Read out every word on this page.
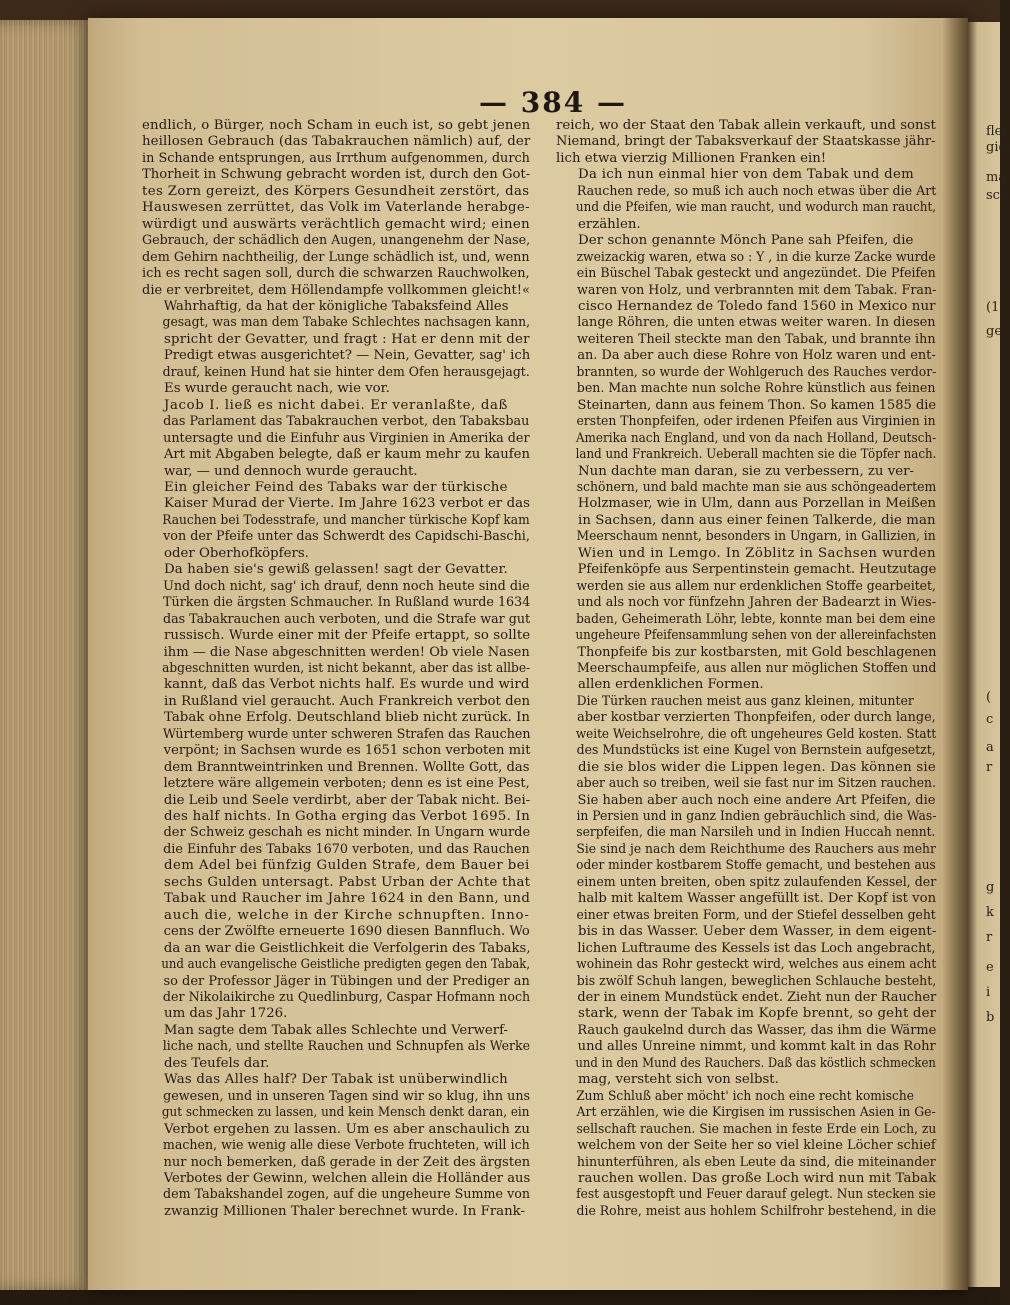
flei
giel
ma
sch
(1
ge
(
c
a
r
g
k
r
e
i
b
— 384 —

endlich, o Bürger, noch Scham in euch ist, so gebt jenen
heillosen Gebrauch (das Tabakrauchen nämlich) auf, der
in Schande entsprungen, aus Irrthum aufgenommen, durch
Thorheit in Schwung gebracht worden ist, durch den Got-
tes Zorn gereizt, des Körpers Gesundheit zerstört, das
Hauswesen zerrüttet, das Volk im Vaterlande herabge-
würdigt und auswärts verächtlich gemacht wird; einen
Gebrauch, der schädlich den Augen, unangenehm der Nase,
dem Gehirn nachtheilig, der Lunge schädlich ist, und, wenn
ich es recht sagen soll, durch die schwarzen Rauchwolken,
die er verbreitet, dem Höllendampfe vollkommen gleicht!«

Wahrhaftig, da hat der königliche Tabaksfeind Alles
gesagt, was man dem Tabake Schlechtes nachsagen kann,
spricht der Gevatter, und fragt : Hat er denn mit der
Predigt etwas ausgerichtet? — Nein, Gevatter, sag' ich
drauf, keinen Hund hat sie hinter dem Ofen herausgejagt.
Es wurde geraucht nach, wie vor.

Jacob I. ließ es nicht dabei. Er veranlaßte, daß
das Parlament das Tabakrauchen verbot, den Tabaksbau
untersagte und die Einfuhr aus Virginien in Amerika der
Art mit Abgaben belegte, daß er kaum mehr zu kaufen
war, — und dennoch wurde geraucht.

Ein gleicher Feind des Tabaks war der türkische
Kaiser Murad der Vierte. Im Jahre 1623 verbot er das
Rauchen bei Todesstrafe, und mancher türkische Kopf kam
von der Pfeife unter das Schwerdt des Capidschi-Baschi,
oder Oberhofköpfers.

Da haben sie's gewiß gelassen! sagt der Gevatter.
Und doch nicht, sag' ich drauf, denn noch heute sind die
Türken die ärgsten Schmaucher. In Rußland wurde 1634
das Tabakrauchen auch verboten, und die Strafe war gut
russisch. Wurde einer mit der Pfeife ertappt, so sollte
ihm — die Nase abgeschnitten werden! Ob viele Nasen
abgeschnitten wurden, ist nicht bekannt, aber das ist allbe-
kannt, daß das Verbot nichts half. Es wurde und wird
in Rußland viel geraucht. Auch Frankreich verbot den
Tabak ohne Erfolg. Deutschland blieb nicht zurück. In
Würtemberg wurde unter schweren Strafen das Rauchen
verpönt; in Sachsen wurde es 1651 schon verboten mit
dem Branntweintrinken und Brennen. Wollte Gott, das
letztere wäre allgemein verboten; denn es ist eine Pest,
die Leib und Seele verdirbt, aber der Tabak nicht. Bei-
des half nichts. In Gotha erging das Verbot 1695. In
der Schweiz geschah es nicht minder. In Ungarn wurde
die Einfuhr des Tabaks 1670 verboten, und das Rauchen
dem Adel bei fünfzig Gulden Strafe, dem Bauer bei
sechs Gulden untersagt. Pabst Urban der Achte that
Tabak und Raucher im Jahre 1624 in den Bann, und
auch die, welche in der Kirche schnupften. Inno-
cens der Zwölfte erneuerte 1690 diesen Bannfluch. Wo
da an war die Geistlichkeit die Verfolgerin des Tabaks,
und auch evangelische Geistliche predigten gegen den Tabak,
so der Professor Jäger in Tübingen und der Prediger an
der Nikolaikirche zu Quedlinburg, Caspar Hofmann noch
um das Jahr 1726.

Man sagte dem Tabak alles Schlechte und Verwerf-
liche nach, und stellte Rauchen und Schnupfen als Werke
des Teufels dar.

Was das Alles half? Der Tabak ist unüberwindlich
gewesen, und in unseren Tagen sind wir so klug, ihn uns
gut schmecken zu lassen, und kein Mensch denkt daran, ein
Verbot ergehen zu lassen. Um es aber anschaulich zu
machen, wie wenig alle diese Verbote fruchteten, will ich
nur noch bemerken, daß gerade in der Zeit des ärgsten
Verbotes der Gewinn, welchen allein die Holländer aus
dem Tabakshandel zogen, auf die ungeheure Summe von
zwanzig Millionen Thaler berechnet wurde. In Frank-

reich, wo der Staat den Tabak allein verkauft, und sonst
Niemand, bringt der Tabaksverkauf der Staatskasse jähr-
lich etwa vierzig Millionen Franken ein!

Da ich nun einmal hier von dem Tabak und dem
Rauchen rede, so muß ich auch noch etwas über die Art
und die Pfeifen, wie man raucht, und wodurch man raucht,
erzählen.

Der schon genannte Mönch Pane sah Pfeifen, die
zweizackig waren, etwa so : Y , in die kurze Zacke wurde
ein Büschel Tabak gesteckt und angezündet. Die Pfeifen
waren von Holz, und verbrannten mit dem Tabak. Fran-
cisco Hernandez de Toledo fand 1560 in Mexico nur
lange Röhren, die unten etwas weiter waren. In diesen
weiteren Theil steckte man den Tabak, und brannte ihn
an. Da aber auch diese Rohre von Holz waren und ent-
brannten, so wurde der Wohlgeruch des Rauches verdor-
ben. Man machte nun solche Rohre künstlich aus feinen
Steinarten, dann aus feinem Thon. So kamen 1585 die
ersten Thonpfeifen, oder irdenen Pfeifen aus Virginien in
Amerika nach England, und von da nach Holland, Deutsch-
land und Frankreich. Ueberall machten sie die Töpfer nach.

Nun dachte man daran, sie zu verbessern, zu ver-
schönern, und bald machte man sie aus schöngeadertem
Holzmaser, wie in Ulm, dann aus Porzellan in Meißen
in Sachsen, dann aus einer feinen Talkerde, die man
Meerschaum nennt, besonders in Ungarn, in Gallizien, in
Wien und in Lemgo. In Zöblitz in Sachsen wurden
Pfeifenköpfe aus Serpentinstein gemacht. Heutzutage
werden sie aus allem nur erdenklichen Stoffe gearbeitet,
und als noch vor fünfzehn Jahren der Badearzt in Wies-
baden, Geheimerath Löhr, lebte, konnte man bei dem eine
ungeheure Pfeifensammlung sehen von der allereinfachsten
Thonpfeife bis zur kostbarsten, mit Gold beschlagenen
Meerschaumpfeife, aus allen nur möglichen Stoffen und
allen erdenklichen Formen.

Die Türken rauchen meist aus ganz kleinen, mitunter
aber kostbar verzierten Thonpfeifen, oder durch lange,
weite Weichselrohre, die oft ungeheures Geld kosten. Statt
des Mundstücks ist eine Kugel von Bernstein aufgesetzt,
die sie blos wider die Lippen legen. Das können sie
aber auch so treiben, weil sie fast nur im Sitzen rauchen.
Sie haben aber auch noch eine andere Art Pfeifen, die
in Persien und in ganz Indien gebräuchlich sind, die Was-
serpfeifen, die man Narsileh und in Indien Huccah nennt.
Sie sind je nach dem Reichthume des Rauchers aus mehr
oder minder kostbarem Stoffe gemacht, und bestehen aus
einem unten breiten, oben spitz zulaufenden Kessel, der
halb mit kaltem Wasser angefüllt ist. Der Kopf ist von
einer etwas breiten Form, und der Stiefel desselben geht
bis in das Wasser. Ueber dem Wasser, in dem eigent-
lichen Luftraume des Kessels ist das Loch angebracht,
wohinein das Rohr gesteckt wird, welches aus einem acht
bis zwölf Schuh langen, beweglichen Schlauche besteht,
der in einem Mundstück endet. Zieht nun der Raucher
stark, wenn der Tabak im Kopfe brennt, so geht der
Rauch gaukelnd durch das Wasser, das ihm die Wärme
und alles Unreine nimmt, und kommt kalt in das Rohr
und in den Mund des Rauchers. Daß das köstlich schmecken
mag, versteht sich von selbst.

Zum Schluß aber möcht' ich noch eine recht komische
Art erzählen, wie die Kirgisen im russischen Asien in Ge-
sellschaft rauchen. Sie machen in feste Erde ein Loch, zu
welchem von der Seite her so viel kleine Löcher schief
hinunterführen, als eben Leute da sind, die miteinander
rauchen wollen. Das große Loch wird nun mit Tabak
fest ausgestopft und Feuer darauf gelegt. Nun stecken sie
die Rohre, meist aus hohlem Schilfrohr bestehend, in die
